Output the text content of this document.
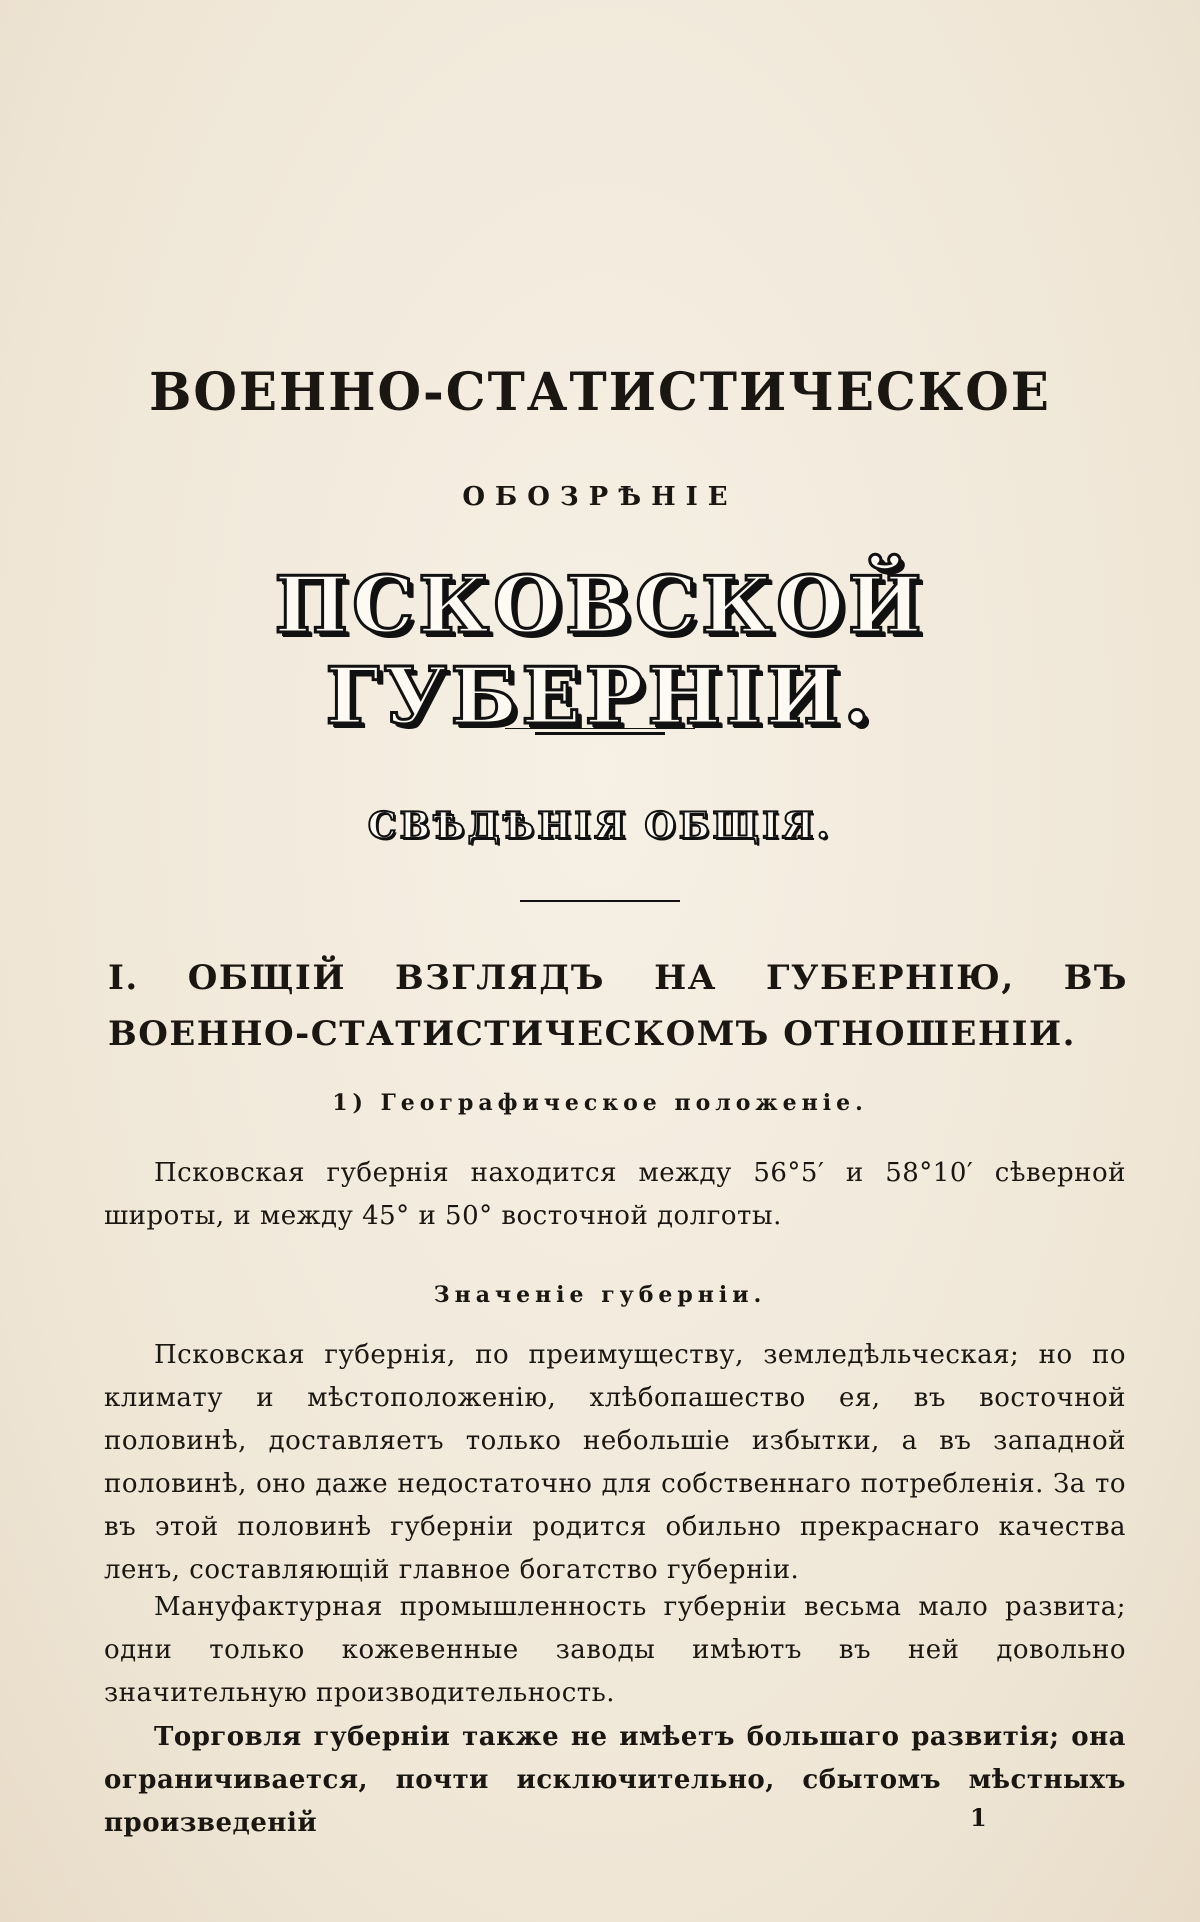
ВОЕННО-СТАТИСТИЧЕСКОЕ
ОБОЗРѢНІЕ
ПСКОВСКОЙ ГУБЕРНІИ.
СВѢДѢНІЯ ОБЩІЯ.
I. ОБЩІЙ ВЗГЛЯДЪ НА ГУБЕРНІЮ, ВЪ ВОЕННО-СТАТИСТИЧЕСКОМЪ ОТНОШЕНІИ.
1) Географическое положеніе.
Псковская губернія находится между 56°5′ и 58°10′ сѣверной широты, и между 45° и 50° восточной долготы.
Значеніе губерніи.
Псковская губернія, по преимуществу, земледѣльческая; но по климату и мѣстоположенію, хлѣбопашество ея, въ восточной половинѣ, доставляетъ только небольшіе избытки, а въ западной половинѣ, оно даже недостаточно для собственнаго потребленія. За то въ этой половинѣ губерніи родится обильно прекраснаго качества ленъ, составляющій главное богатство губерніи.
Мануфактурная промышленность губерніи весьма мало развита; одни только кожевенные заводы имѣютъ въ ней довольно значительную производительность.
Торговля губерніи также не имѣетъ большаго развитія; она ограничивается, почти исключительно, сбытомъ мѣстныхъ произведеній	1
